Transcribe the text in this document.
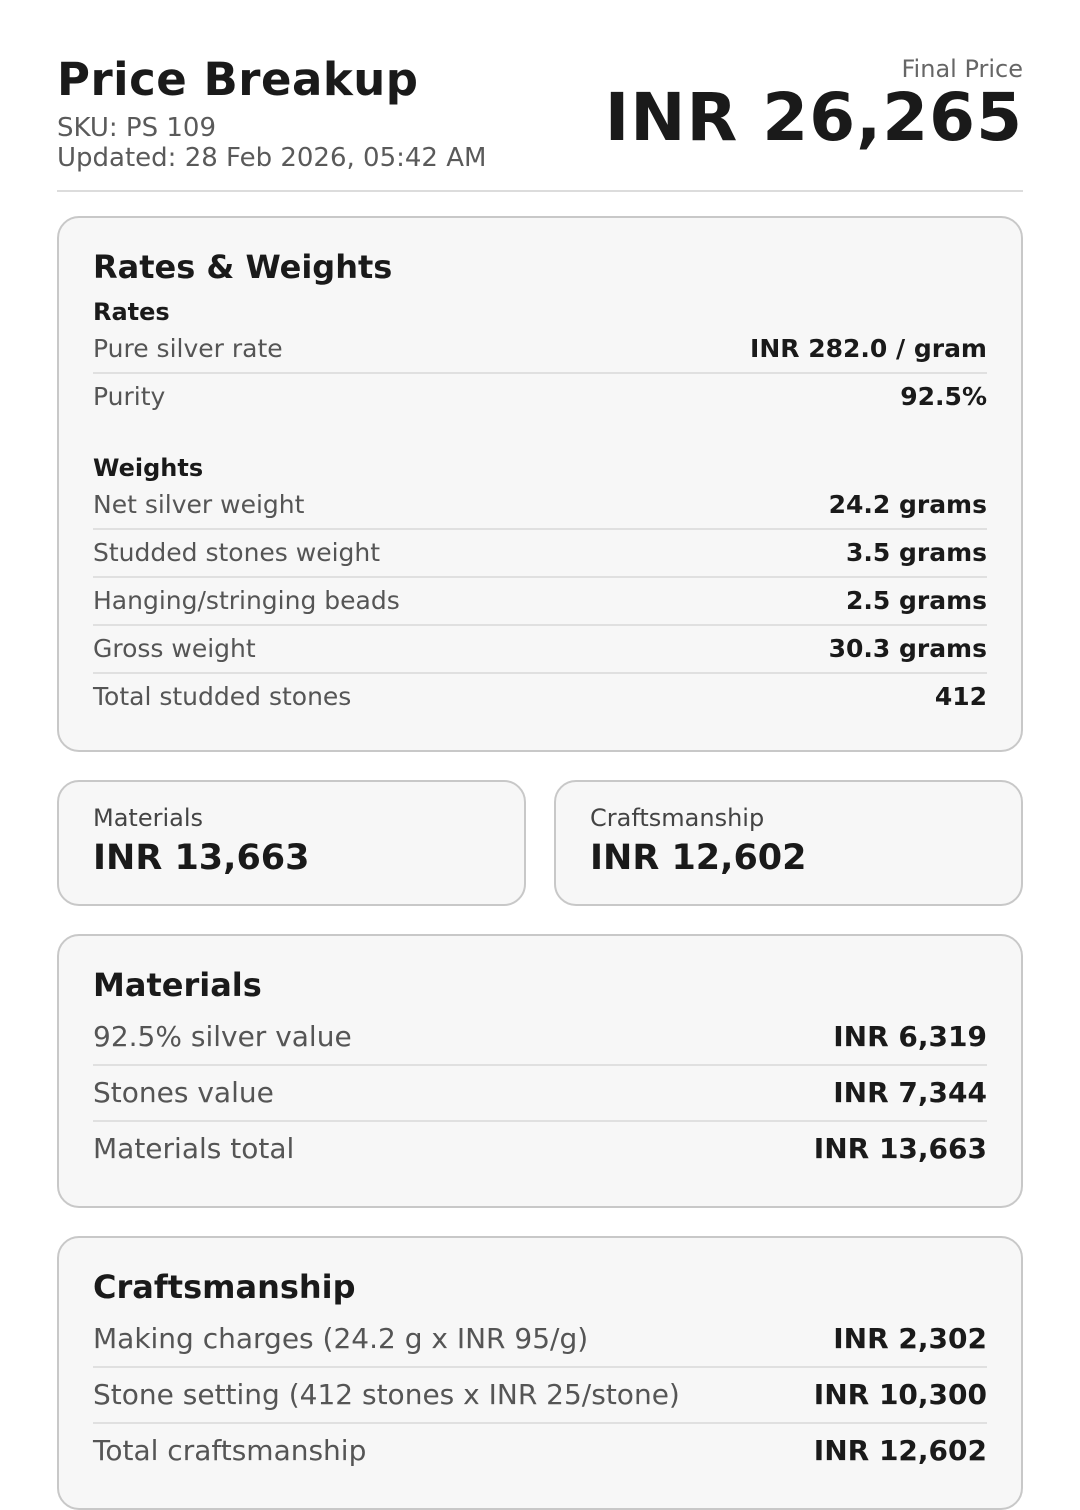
Price Breakup
SKU: PS 109
Updated: 28 Feb 2026, 05:42 AM
Final Price
INR 26,265
Rates & Weights
Rates
Pure silver rate	INR 282.0 / gram
Purity	92.5%
Weights
Net silver weight	24.2 grams
Studded stones weight	3.5 grams
Hanging/stringing beads	2.5 grams
Gross weight	30.3 grams
Total studded stones	412
Materials
INR 13,663
Craftsmanship
INR 12,602
Materials
92.5% silver value	INR 6,319
Stones value	INR 7,344
Materials total	INR 13,663
Craftsmanship
Making charges (24.2 g x INR 95/g)	INR 2,302
Stone setting (412 stones x INR 25/stone)	INR 10,300
Total craftsmanship	INR 12,602
